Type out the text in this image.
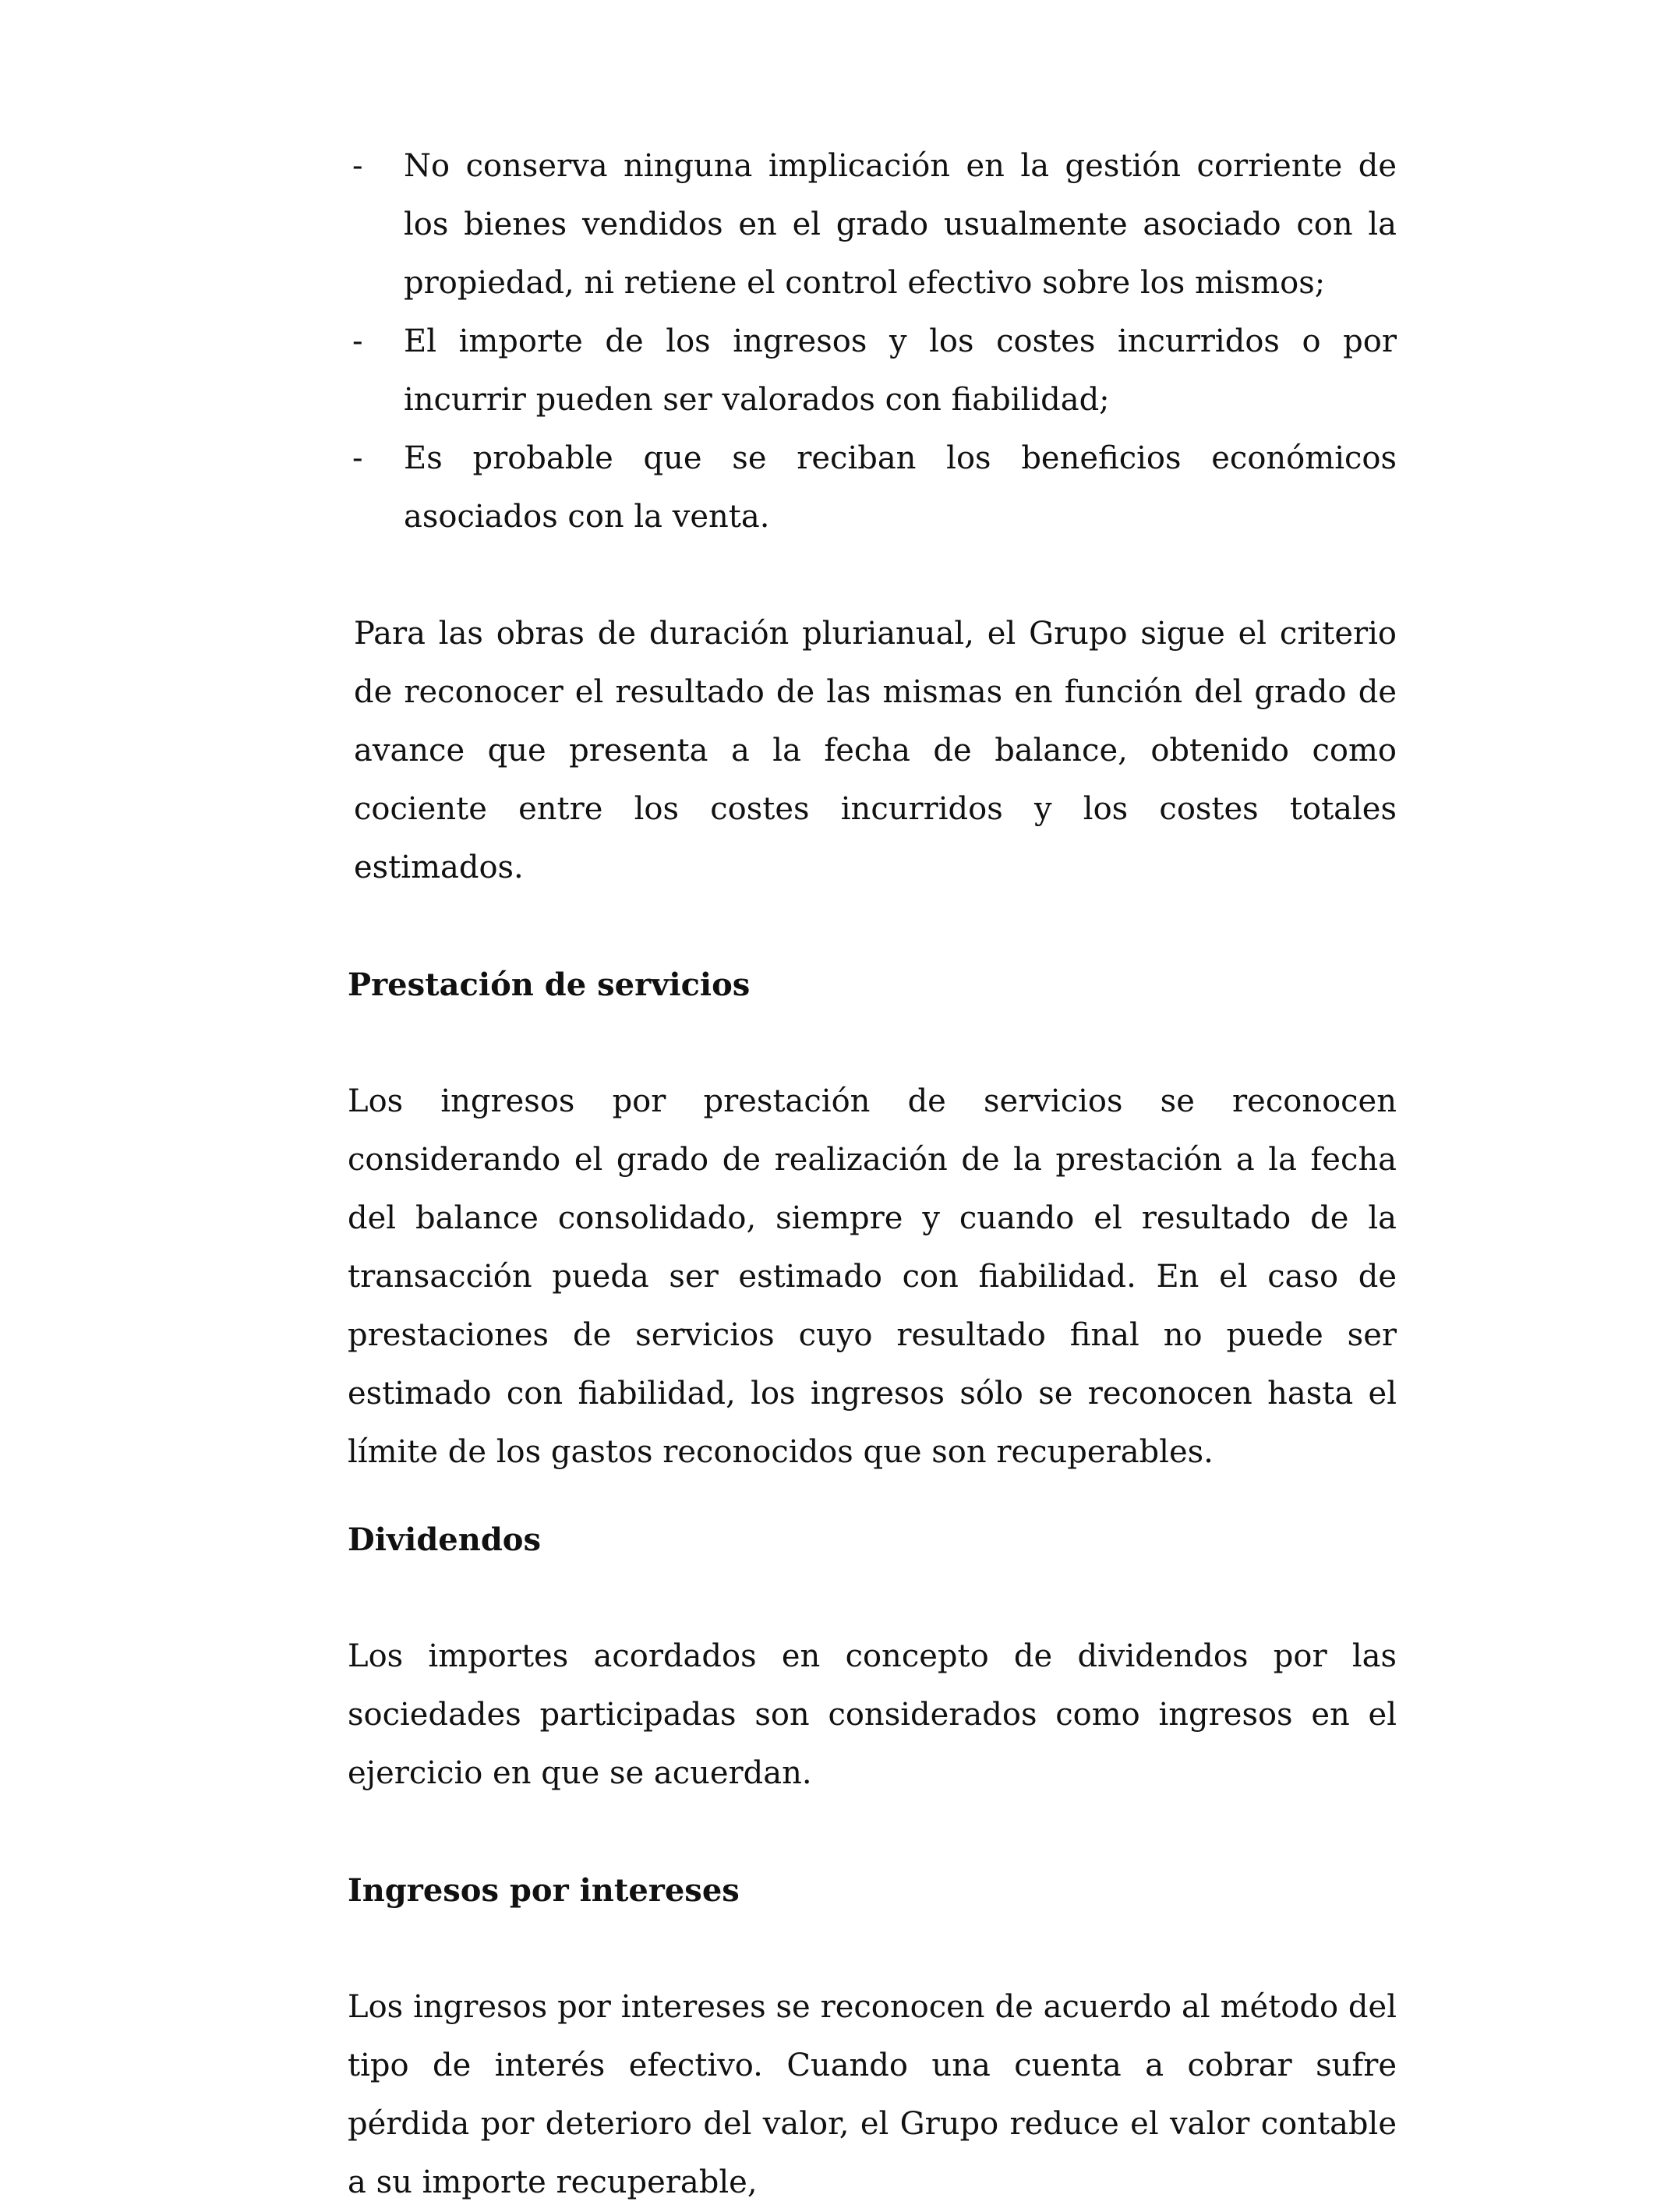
- No conserva ninguna implicación en la gestión corriente de los bienes vendidos en el grado usualmente asociado con la propiedad, ni retiene el control efectivo sobre los mismos;
- El importe de los ingresos y los costes incurridos o por incurrir pueden ser valorados con fiabilidad;
- Es probable que se reciban los beneficios económicos asociados con la venta.

Para las obras de duración plurianual, el Grupo sigue el criterio de reconocer el resultado de las mismas en función del grado de avance que presenta a la fecha de balance, obtenido como cociente entre los costes incurridos y los costes totales estimados.

Prestación de servicios

Los ingresos por prestación de servicios se reconocen considerando el grado de realización de la prestación a la fecha del balance consolidado, siempre y cuando el resultado de la transacción pueda ser estimado con fiabilidad. En el caso de prestaciones de servicios cuyo resultado final no puede ser estimado con fiabilidad, los ingresos sólo se reconocen hasta el límite de los gastos reconocidos que son recuperables.

Dividendos

Los importes acordados en concepto de dividendos por las sociedades participadas son considerados como ingresos en el ejercicio en que se acuerdan.

Ingresos por intereses

Los ingresos por intereses se reconocen de acuerdo al método del tipo de interés efectivo. Cuando una cuenta a cobrar sufre pérdida por deterioro del valor, el Grupo reduce el valor contable a su importe recuperable,
